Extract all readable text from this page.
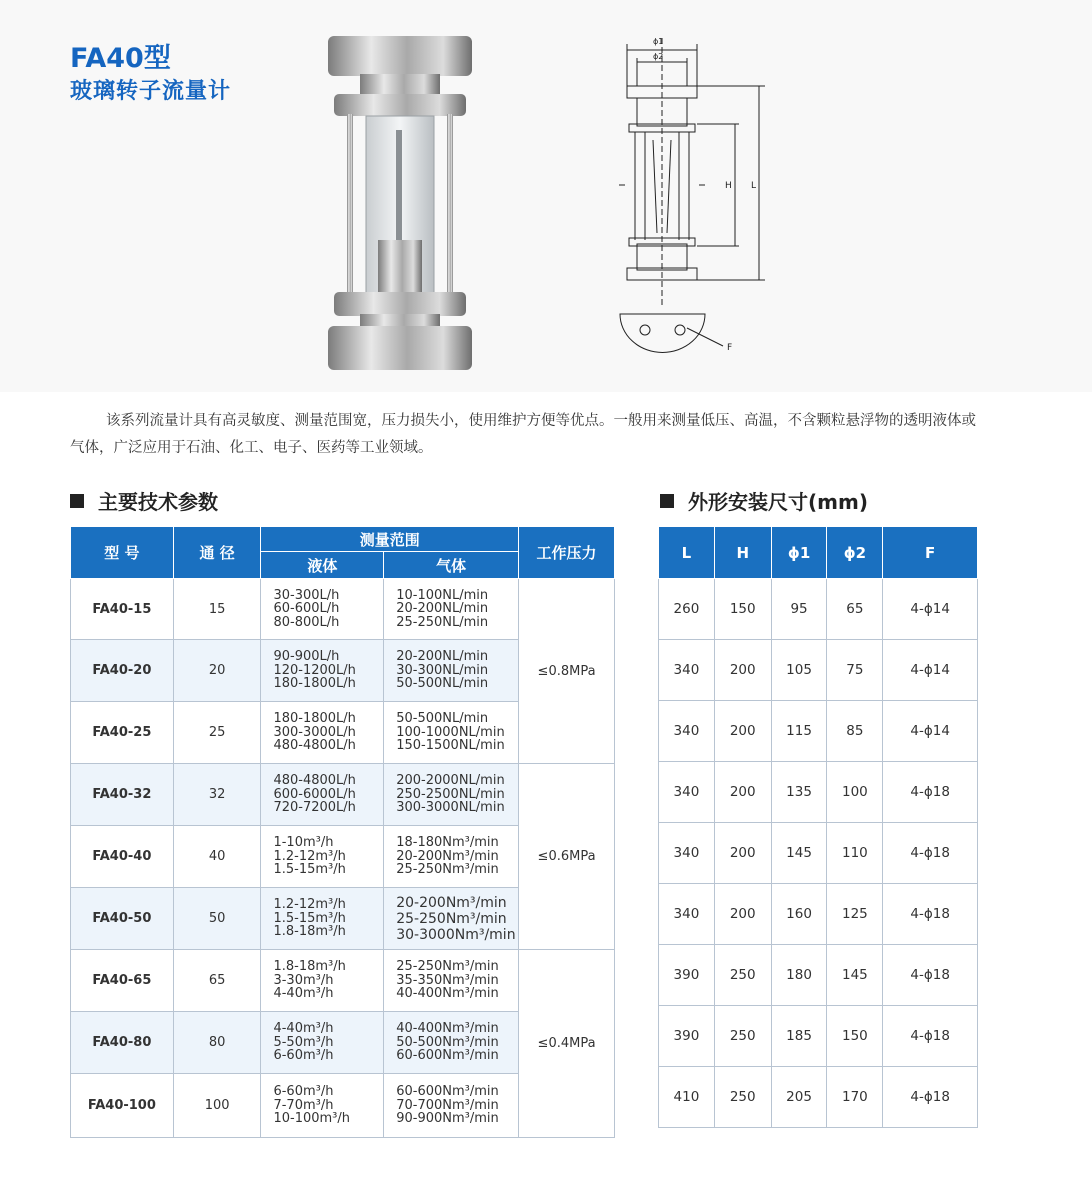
FA40型
玻璃转子流量计
ϕ1
ϕ2
H L
F
该系列流量计具有高灵敏度、测量范围宽，压力损失小，使用维护方便等优点。一般用来测量低压、高温，不含颗粒悬浮物的透明液体或气体，广泛应用于石油、化工、电子、医药等工业领域。
主要技术参数	外形安装尺寸(mm)
型 号	通 径	测量范围		工作压力
		液体	气体	
FA40-15	15	30-300L/h
60-600L/h
80-800L/h	10-100NL/min
20-200NL/min
25-250NL/min	≤0.8MPa
FA40-20	20	90-900L/h
120-1200L/h
180-1800L/h	20-200NL/min
30-300NL/min
50-500NL/min	
FA40-25	25	180-1800L/h
300-3000L/h
480-4800L/h	50-500NL/min
100-1000NL/min
150-1500NL/min	
FA40-32	32	480-4800L/h
600-6000L/h
720-7200L/h	200-2000NL/min
250-2500NL/min
300-3000NL/min	≤0.6MPa
FA40-40	40	1-10m³/h
1.2-12m³/h
1.5-15m³/h	18-180Nm³/min
20-200Nm³/min
25-250Nm³/min	
FA40-50	50	1.2-12m³/h
1.5-15m³/h
1.8-18m³/h	20-200Nm³/min
25-250Nm³/min
30-3000Nm³/min	
FA40-65	65	1.8-18m³/h
3-30m³/h
4-40m³/h	25-250Nm³/min
35-350Nm³/min
40-400Nm³/min	≤0.4MPa
FA40-80	80	4-40m³/h
5-50m³/h
6-60m³/h	40-400Nm³/min
50-500Nm³/min
60-600Nm³/min	
FA40-100	100	6-60m³/h
7-70m³/h
10-100m³/h	60-600Nm³/min
70-700Nm³/min
90-900Nm³/min	
L	H	ϕ1	ϕ2	F
260	150	95	65	4-ϕ14
340	200	105	75	4-ϕ14
340	200	115	85	4-ϕ14
340	200	135	100	4-ϕ18
340	200	145	110	4-ϕ18
340	200	160	125	4-ϕ18
390	250	180	145	4-ϕ18
390	250	185	150	4-ϕ18
410	250	205	170	4-ϕ18
